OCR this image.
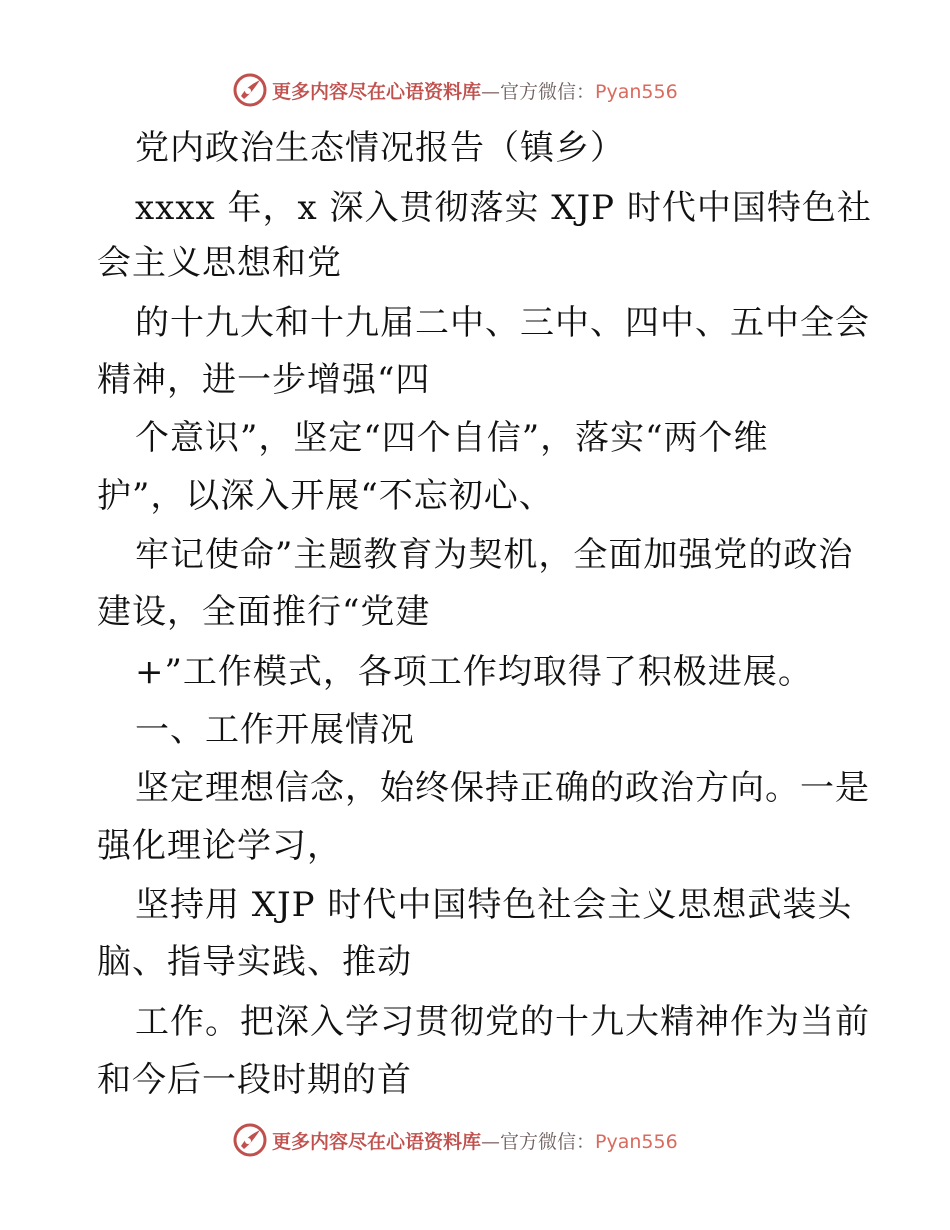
更多内容尽在心语资料库—官方微信：Pyan556
党内政治生态情况报告（镇乡）
xxxx 年，x 深入贯彻落实 XJP 时代中国特色社
会主义思想和党
的十九大和十九届二中、三中、四中、五中全会
精神，进一步增强“四
个意识”，坚定“四个自信”，落实“两个维
护”，以深入开展“不忘初心、
牢记使命”主题教育为契机，全面加强党的政治
建设，全面推行“党建
+”工作模式，各项工作均取得了积极进展。
一、工作开展情况
坚定理想信念，始终保持正确的政治方向。一是
强化理论学习，
坚持用 XJP 时代中国特色社会主义思想武装头
脑、指导实践、推动
工作。把深入学习贯彻党的十九大精神作为当前
和今后一段时期的首
更多内容尽在心语资料库—官方微信：Pyan556
